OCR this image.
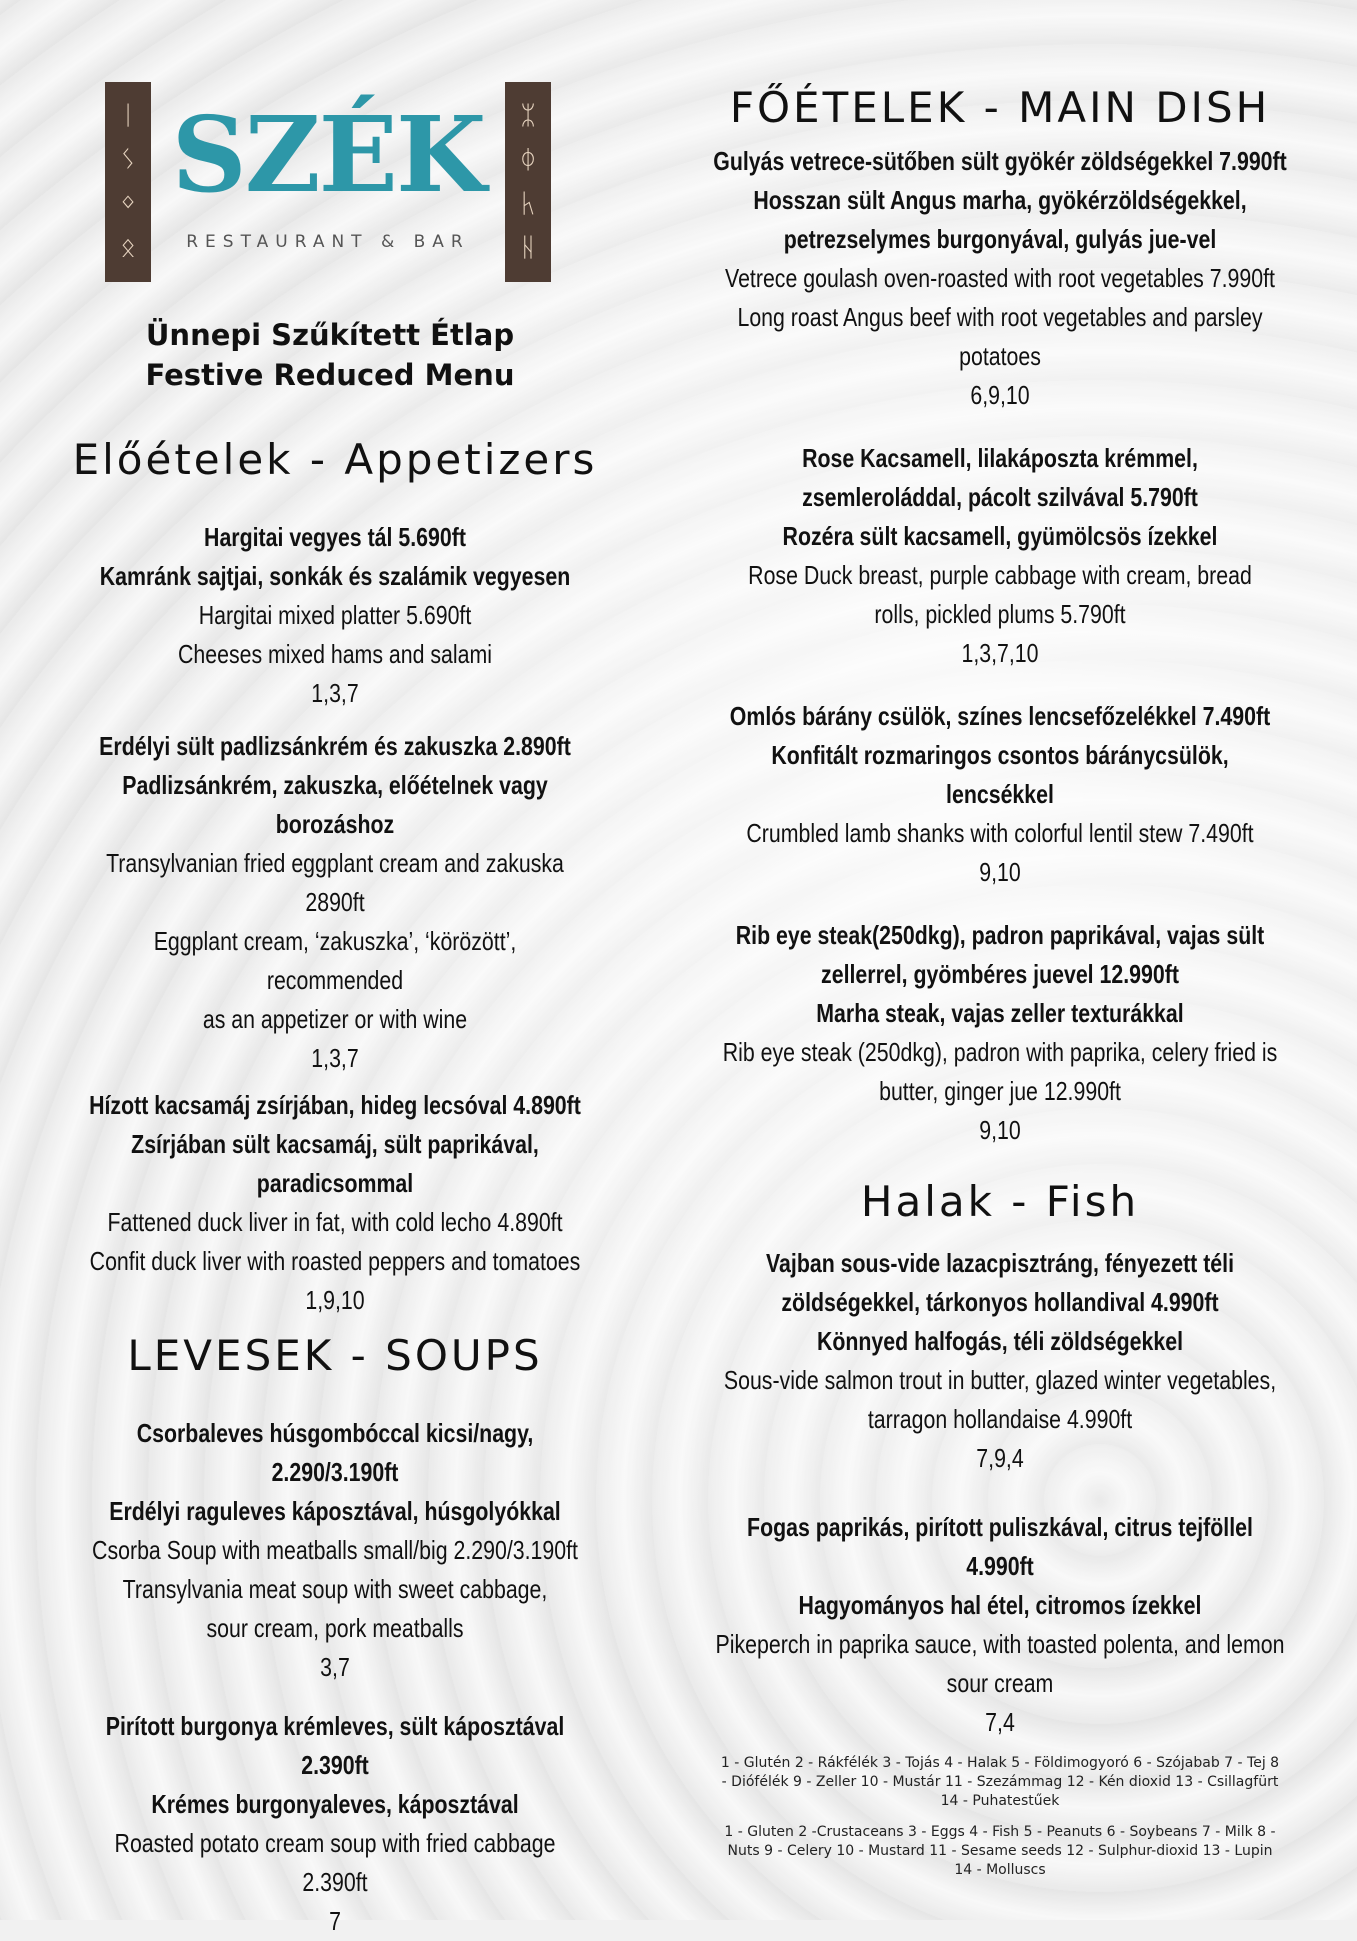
ᛁ
ᛊ
ᛜ
ᛟ
SZÉK
RESTAURANT & BAR
ᛯ
ᛰ
ᛱ
ᚺ
Ünnepi Szűkített Étlap
Festive Reduced Menu
Előételek - Appetizers

Hargitai vegyes tál 5.690ft

Kamránk sajtjai, sonkák és szalámik vegyesen

Hargitai mixed platter 5.690ft

Cheeses mixed hams and salami

1,3,7

Erdélyi sült padlizsánkrém és zakuszka 2.890ft

Padlizsánkrém, zakuszka, előételnek vagy

borozáshoz

Transylvanian fried eggplant cream and zakuska 2890ft

Eggplant cream, ‘zakuszka’, ‘körözött’, recommended

as an appetizer or with wine

1,3,7

Hízott kacsamáj zsírjában, hideg lecsóval 4.890ft

Zsírjában sült kacsamáj, sült paprikával,

paradicsommal

Fattened duck liver in fat, with cold lecho 4.890ft

Confit duck liver with roasted peppers and tomatoes

1,9,10

LEVESEK - SOUPS

Csorbaleves húsgombóccal kicsi/nagy,

2.290/3.190ft

Erdélyi raguleves káposztával, húsgolyókkal

Csorba Soup with meatballs small/big 2.290/3.190ft

Transylvania meat soup with sweet cabbage,

sour cream, pork meatballs

3,7

Pirított burgonya krémleves, sült káposztával

2.390ft

Krémes burgonyaleves, káposztával

Roasted potato cream soup with fried cabbage 2.390ft

7

FŐÉTELEK - MAIN DISH

Gulyás vetrece-sütőben sült gyökér zöldségekkel 7.990ft

Hosszan sült Angus marha, gyökérzöldségekkel,

petrezselymes burgonyával, gulyás jue-vel

Vetrece goulash oven-roasted with root vegetables 7.990ft

Long roast Angus beef with root vegetables and parsley potatoes

6,9,10

Rose Kacsamell, lilakáposzta krémmel,

zsemleroláddal, pácolt szilvával 5.790ft

Rozéra sült kacsamell, gyümölcsös ízekkel

Rose Duck breast, purple cabbage with cream, bread

rolls, pickled plums 5.790ft

1,3,7,10

Omlós bárány csülök, színes lencsefőzelékkel 7.490ft

Konfitált rozmaringos csontos báránycsülök,

lencsékkel

Crumbled lamb shanks with colorful lentil stew 7.490ft

9,10

Rib eye steak(250dkg), padron paprikával, vajas sült

zellerrel, gyömbéres juevel 12.990ft

Marha steak, vajas zeller texturákkal

Rib eye steak (250dkg), padron with paprika, celery fried is

butter, ginger jue 12.990ft

9,10

Halak - Fish

Vajban sous-vide lazacpisztráng, fényezett téli

zöldségekkel, tárkonyos hollandival 4.990ft

Könnyed halfogás, téli zöldségekkel

Sous-vide salmon trout in butter, glazed winter vegetables,

tarragon hollandaise 4.990ft

7,9,4

Fogas paprikás, pirított puliszkával, citrus tejföllel

4.990ft

Hagyományos hal étel, citromos ízekkel

Pikeperch in paprika sauce, with toasted polenta, and lemon

sour cream

7,4

1 - Glutén 2 - Rákfélék 3 - Tojás 4 - Halak 5 - Földimogyoró 6 - Szójabab 7 - Tej 8
- Diófélék 9 - Zeller 10 - Mustár 11 - Szezámmag 12 - Kén dioxid 13 - Csillagfürt
14 - Puhatestűek
1 - Gluten 2 -Crustaceans 3 - Eggs 4 - Fish 5 - Peanuts 6 - Soybeans 7 - Milk 8 -
Nuts 9 - Celery 10 - Mustard 11 - Sesame seeds 12 - Sulphur-dioxid 13 - Lupin
14 - Molluscs
